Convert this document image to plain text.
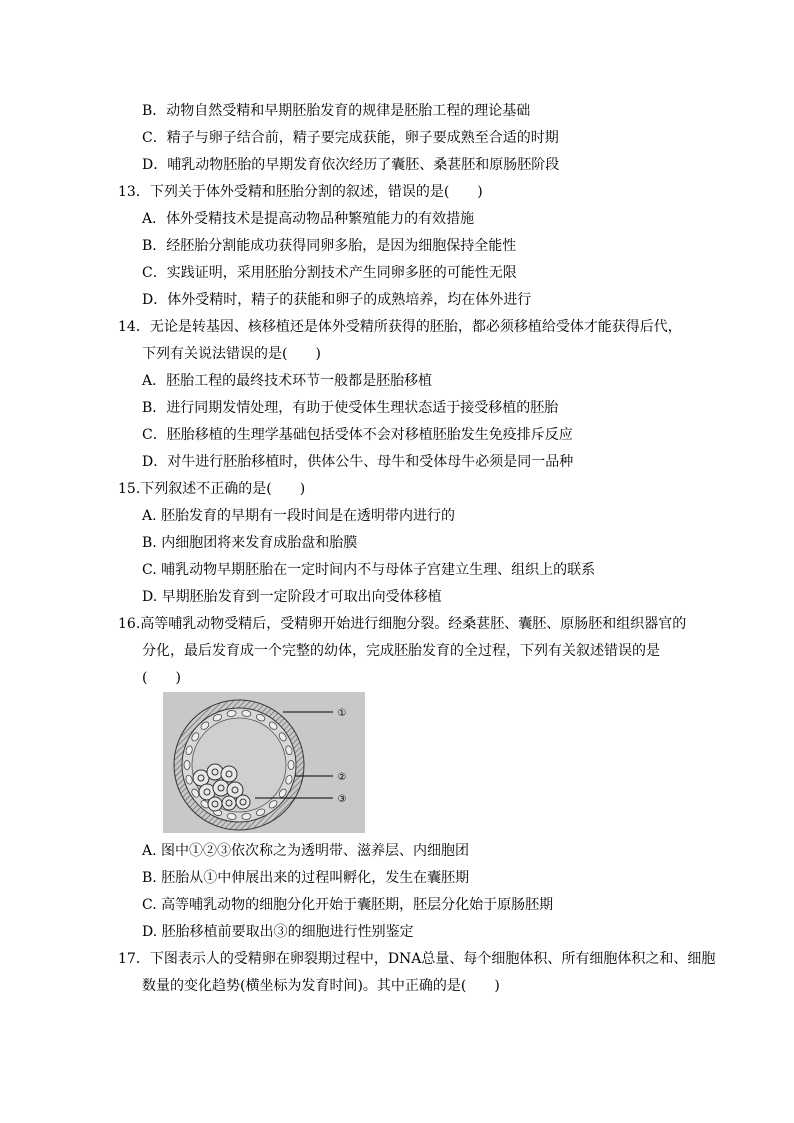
B．动物自然受精和早期胚胎发育的规律是胚胎工程的理论基础
C．精子与卵子结合前，精子要完成获能，卵子要成熟至合适的时期
D．哺乳动物胚胎的早期发育依次经历了囊胚、桑葚胚和原肠胚阶段
13．下列关于体外受精和胚胎分割的叙述，错误的是(　　)
A．体外受精技术是提高动物品种繁殖能力的有效措施
B．经胚胎分割能成功获得同卵多胎，是因为细胞保持全能性
C．实践证明，采用胚胎分割技术产生同卵多胚的可能性无限
D．体外受精时，精子的获能和卵子的成熟培养，均在体外进行
14．无论是转基因、核移植还是体外受精所获得的胚胎，都必须移植给受体才能获得后代，
下列有关说法错误的是(　　)
A．胚胎工程的最终技术环节一般都是胚胎移植
B．进行同期发情处理，有助于使受体生理状态适于接受移植的胚胎
C．胚胎移植的生理学基础包括受体不会对移植胚胎发生免疫排斥反应
D．对牛进行胚胎移植时，供体公牛、母牛和受体母牛必须是同一品种
15.下列叙述不正确的是(　　)
A. 胚胎发育的早期有一段时间是在透明带内进行的
B. 内细胞团将来发育成胎盘和胎膜
C. 哺乳动物早期胚胎在一定时间内不与母体子宫建立生理、组织上的联系
D. 早期胚胎发育到一定阶段才可取出向受体移植
16.高等哺乳动物受精后，受精卵开始进行细胞分裂。经桑葚胚、囊胚、原肠胚和组织器官的
分化，最后发育成一个完整的幼体，完成胚胎发育的全过程，下列有关叙述错误的是
(　　)
①
②
③
A. 图中①②③依次称之为透明带、滋养层、内细胞团
B. 胚胎从①中伸展出来的过程叫孵化，发生在囊胚期
C. 高等哺乳动物的细胞分化开始于囊胚期，胚层分化始于原肠胚期
D. 胚胎移植前要取出③的细胞进行性别鉴定
17．下图表示人的受精卵在卵裂期过程中，DNA总量、每个细胞体积、所有细胞体积之和、细胞
数量的变化趋势(横坐标为发育时间)。其中正确的是(　　)
